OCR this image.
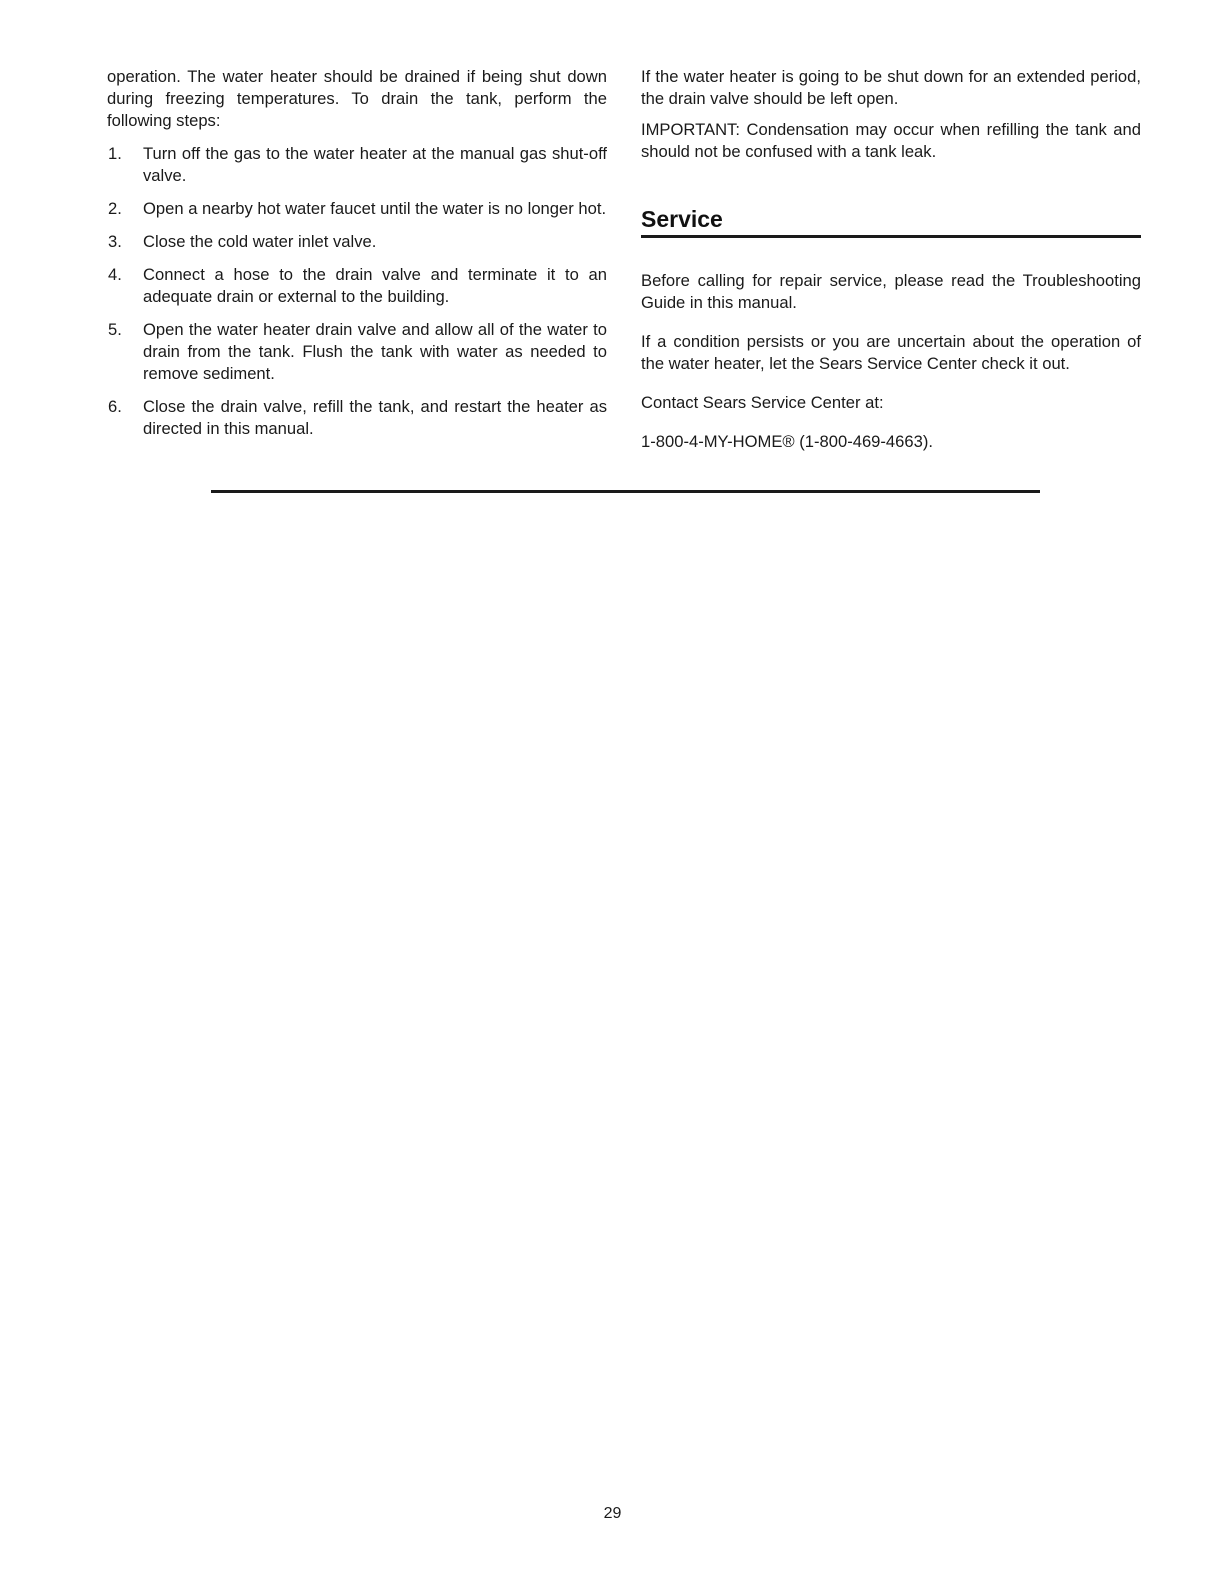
operation. The water heater should be drained if being shut down during freezing temperatures. To drain the tank, perform the following steps:

1. Turn off the gas to the water heater at the manual gas shut-off valve.
2. Open a nearby hot water faucet until the water is no longer hot.
3. Close the cold water inlet valve.
4. Connect a hose to the drain valve and terminate it to an adequate drain or external to the building.
5. Open the water heater drain valve and allow all of the water to drain from the tank. Flush the tank with water as needed to remove sediment.
6. Close the drain valve, refill the tank, and restart the heater as directed in this manual.

If the water heater is going to be shut down for an extended period, the drain valve should be left open.

IMPORTANT: Condensation may occur when refilling the tank and should not be confused with a tank leak.

Service

Before calling for repair service, please read the Troubleshooting Guide in this manual.

If a condition persists or you are uncertain about the operation of the water heater, let the Sears Service Center check it out.

Contact Sears Service Center at:

1-800-4-MY-HOME® (1-800-469-4663).

29
